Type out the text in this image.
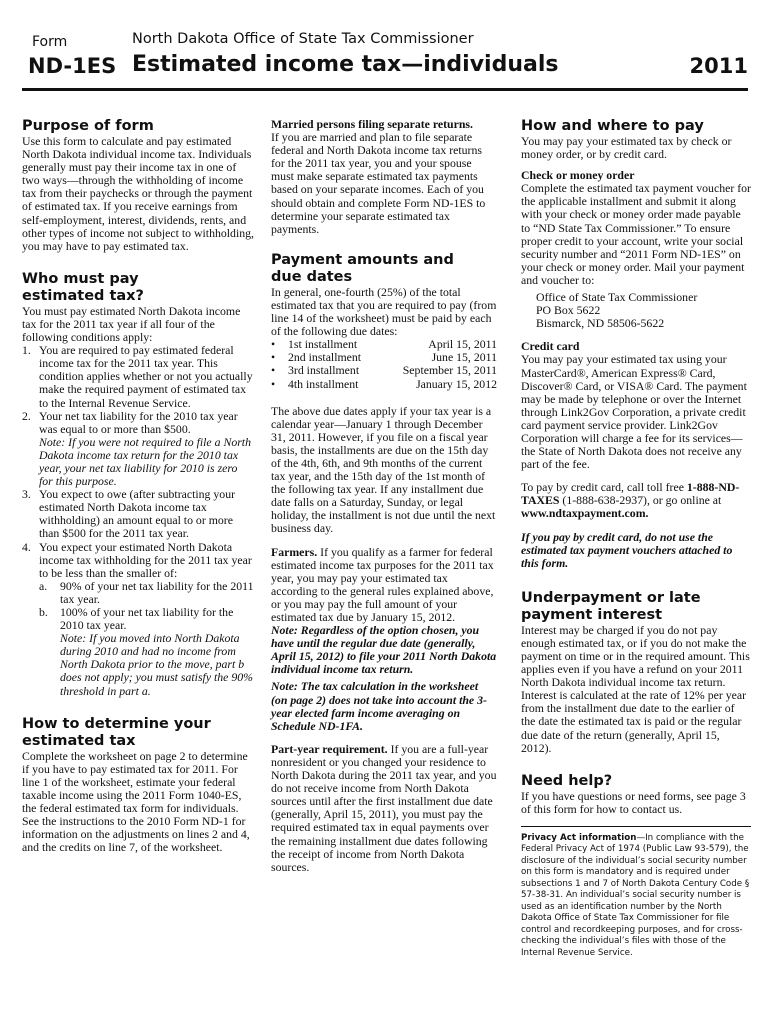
Form	North Dakota Office of State Tax Commissioner
ND-1ES Estimated income tax—individuals	2011
Purpose of form

Use this form to calculate and pay estimated North Dakota individual income tax. Individuals generally must pay their income tax in one of two ways—through the withholding of income tax from their paychecks or through the payment of estimated tax. If you receive earnings from self-employment, interest, dividends, rents, and other types of income not subject to withholding, you may have to pay estimated tax.

Who must pay
estimated tax?

You must pay estimated North Dakota income tax for the 2011 tax year if all four of the following conditions apply:

1. You are required to pay estimated federal income tax for the 2011 tax year. This condition applies whether or not you actually make the required payment of estimated tax to the Internal Revenue Service.
2. Your net tax liability for the 2010 tax year was equal to or more than $500.
Note: If you were not required to file a North Dakota income tax return for the 2010 tax year, your net tax liability for 2010 is zero for this purpose.
3. You expect to owe (after subtracting your estimated North Dakota income tax withholding) an amount equal to or more than $500 for the 2011 tax year.
4. You expect your estimated North Dakota income tax withholding for the 2011 tax year to be less than the smaller of:
a.	90% of your net tax liability for the 2011 tax year.
b.	100% of your net tax liability for the 2010 tax year.
Note: If you moved into North Dakota during 2010 and had no income from North Dakota prior to the move, part b does not apply; you must satisfy the 90% threshold in part a.
How to determine your
estimated tax

Complete the worksheet on page 2 to determine if you have to pay estimated tax for 2011. For line 1 of the worksheet, estimate your federal taxable income using the 2011 Form 1040-ES, the federal estimated tax form for individuals. See the instructions to the 2010 Form ND-1 for information on the adjustments on lines 2 and 4, and the credits on line 7, of the worksheet.

Married persons filing separate returns.
If you are married and plan to file separate federal and North Dakota income tax returns for the 2011 tax year, you and your spouse must make separate estimated tax payments based on your separate incomes. Each of you should obtain and complete Form ND-1ES to determine your separate estimated tax payments.

Payment amounts and
due dates

In general, one-fourth (25%) of the total estimated tax that you are required to pay (from line 14 of the worksheet) must be paid by each of the following due dates:

•	1st installment	April 15, 2011
•	2nd installment	June 15, 2011
•	3rd installment	September 15, 2011
•	4th installment	January 15, 2012

The above due dates apply if your tax year is a calendar year—January 1 through December 31, 2011. However, if you file on a fiscal year basis, the installments are due on the 15th day of the 4th, 6th, and 9th months of the current tax year, and the 15th day of the 1st month of the following tax year. If any installment due date falls on a Saturday, Sunday, or legal holiday, the installment is not due until the next business day.

Farmers. If you qualify as a farmer for federal estimated income tax purposes for the 2011 tax year, you may pay your estimated tax according to the general rules explained above, or you may pay the full amount of your estimated tax due by January 15, 2012.

Note: Regardless of the option chosen, you have until the regular due date (generally, April 15, 2012) to file your 2011 North Dakota individual income tax return.

Note: The tax calculation in the worksheet (on page 2) does not take into account the 3-year elected farm income averaging on Schedule ND-1FA.

Part-year requirement. If you are a full-year nonresident or you changed your residence to North Dakota during the 2011 tax year, and you do not receive income from North Dakota sources until after the first installment due date (generally, April 15, 2011), you must pay the required estimated tax in equal payments over the remaining installment due dates following the receipt of income from North Dakota sources.

How and where to pay

You may pay your estimated tax by check or money order, or by credit card.

Check or money order

Complete the estimated tax payment voucher for the applicable installment and submit it along with your check or money order made payable to “ND State Tax Commissioner.” To ensure proper credit to your account, write your social security number and “2011 Form ND-1ES” on your check or money order. Mail your payment and voucher to:

Office of State Tax Commissioner
PO Box 5622
Bismarck, ND 58506-5622

Credit card

You may pay your estimated tax using your MasterCard®, American Express® Card, Discover® Card, or VISA® Card. The payment may be made by telephone or over the Internet through Link2Gov Corporation, a private credit card payment service provider. Link2Gov Corporation will charge a fee for its services—the State of North Dakota does not receive any part of the fee.

To pay by credit card, call toll free 1-888-ND-TAXES (1-888-638-2937), or go online at www.ndtaxpayment.com.

If you pay by credit card, do not use the estimated tax payment vouchers attached to this form.

Underpayment or late
payment interest

Interest may be charged if you do not pay enough estimated tax, or if you do not make the payment on time or in the required amount. This applies even if you have a refund on your 2011 North Dakota individual income tax return. Interest is calculated at the rate of 12% per year from the installment due date to the earlier of the date the estimated tax is paid or the regular due date of the return (generally, April 15, 2012).

Need help?

If you have questions or need forms, see page 3 of this form for how to contact us.

Privacy Act information—In compliance with the Federal Privacy Act of 1974 (Public Law 93-579), the disclosure of the individual’s social security number on this form is mandatory and is required under subsections 1 and 7 of North Dakota Century Code § 57-38-31. An individual’s social security number is used as an identification number by the North Dakota Office of State Tax Commissioner for file control and recordkeeping purposes, and for cross-checking the individual’s files with those of the Internal Revenue Service.
